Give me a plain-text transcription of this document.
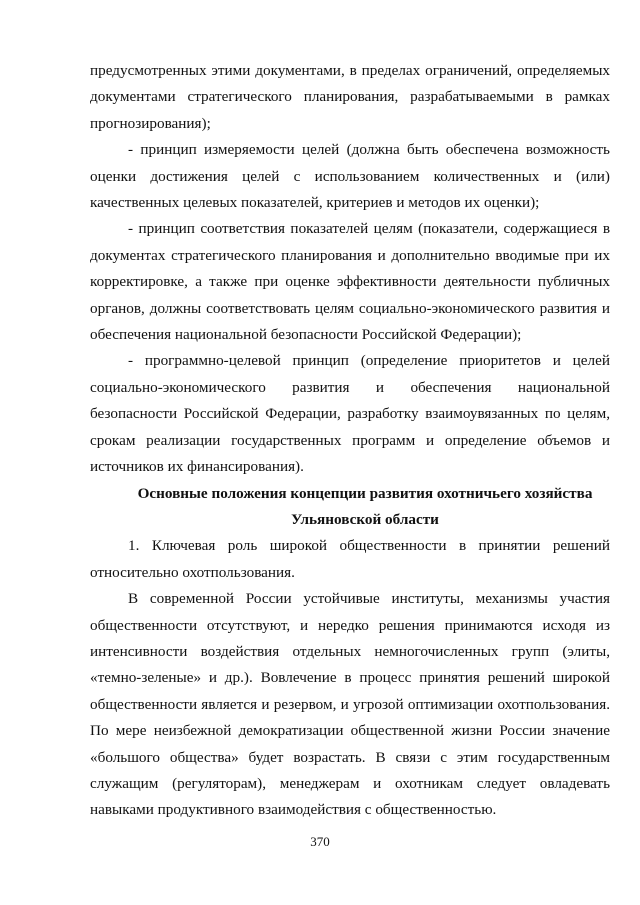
предусмотренных этими документами, в пределах ограничений, определяемых документами стратегического планирования, разрабатываемыми в рамках прогнозирования);

- принцип измеряемости целей (должна быть обеспечена возможность оценки достижения целей с использованием количественных и (или) качественных целевых показателей, критериев и методов их оценки);

- принцип соответствия показателей целям (показатели, содержащиеся в документах стратегического планирования и дополнительно вводимые при их корректировке, а также при оценке эффективности деятельности публичных органов, должны соответствовать целям социально-экономического развития и обеспечения национальной безопасности Российской Федерации);

- программно-целевой принцип (определение приоритетов и целей социально-экономического развития и обеспечения национальной безопасности Российской Федерации, разработку взаимоувязанных по целям, срокам реализации государственных программ и определение объемов и источников их финансирования).

Основные положения концепции развития охотничьего хозяйства Ульяновской области

1. Ключевая роль широкой общественности в принятии решений относительно охотпользования.

В современной России устойчивые институты, механизмы участия общественности отсутствуют, и нередко решения принимаются исходя из интенсивности воздействия отдельных немногочисленных групп (элиты, «темно-зеленые» и др.). Вовлечение в процесс принятия решений широкой общественности является и резервом, и угрозой оптимизации охотпользования. По мере неизбежной демократизации общественной жизни России значение «большого общества» будет возрастать. В связи с этим государственным служащим (регуляторам), менеджерам и охотникам следует овладевать навыками продуктивного взаимодействия с общественностью.

370
